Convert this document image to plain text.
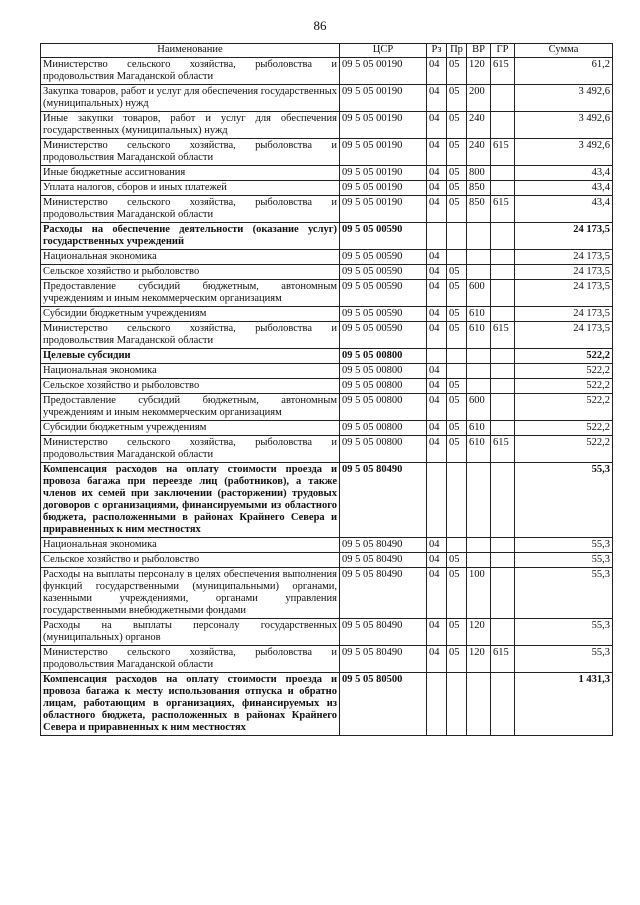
86
Наименование	ЦСР	Рз	Пр	ВР	ГР	Сумма
Министерство сельского хозяйства, рыболовства и продовольствия Магаданской области	09 5 05 00190	04	05	120	615	61,2
Закупка товаров, работ и услуг для обеспечения государственных (муниципальных) нужд	09 5 05 00190	04	05	200		3 492,6
Иные закупки товаров, работ и услуг для обеспечения государственных (муниципальных) нужд	09 5 05 00190	04	05	240		3 492,6
Министерство сельского хозяйства, рыболовства и продовольствия Магаданской области	09 5 05 00190	04	05	240	615	3 492,6
Иные бюджетные ассигнования	09 5 05 00190	04	05	800		43,4
Уплата налогов, сборов и иных платежей	09 5 05 00190	04	05	850		43,4
Министерство сельского хозяйства, рыболовства и продовольствия Магаданской области	09 5 05 00190	04	05	850	615	43,4
Расходы на обеспечение деятельности (оказание услуг) государственных учреждений	09 5 05 00590					24 173,5
Национальная экономика	09 5 05 00590	04				24 173,5
Сельское хозяйство и рыболовство	09 5 05 00590	04	05			24 173,5
Предоставление субсидий бюджетным, автономным учреждениям и иным некоммерческим организациям	09 5 05 00590	04	05	600		24 173,5
Субсидии бюджетным учреждениям	09 5 05 00590	04	05	610		24 173,5
Министерство сельского хозяйства, рыболовства и продовольствия Магаданской области	09 5 05 00590	04	05	610	615	24 173,5
Целевые субсидии	09 5 05 00800					522,2
Национальная экономика	09 5 05 00800	04				522,2
Сельское хозяйство и рыболовство	09 5 05 00800	04	05			522,2
Предоставление субсидий бюджетным, автономным учреждениям и иным некоммерческим организациям	09 5 05 00800	04	05	600		522,2
Субсидии бюджетным учреждениям	09 5 05 00800	04	05	610		522,2
Министерство сельского хозяйства, рыболовства и продовольствия Магаданской области	09 5 05 00800	04	05	610	615	522,2
Компенсация расходов на оплату стоимости проезда и провоза багажа при переезде лиц (работников), а также членов их семей при заключении (расторжении) трудовых договоров с организациями, финансируемыми из областного бюджета, расположенными в районах Крайнего Севера и приравненных к ним местностях	09 5 05 80490					55,3
Национальная экономика	09 5 05 80490	04				55,3
Сельское хозяйство и рыболовство	09 5 05 80490	04	05			55,3
Расходы на выплаты персоналу в целях обеспечения выполнения функций государственными (муниципальными) органами, казенными учреждениями, органами управления государственными внебюджетными фондами	09 5 05 80490	04	05	100		55,3
Расходы на выплаты персоналу государственных (муниципальных) органов	09 5 05 80490	04	05	120		55,3
Министерство сельского хозяйства, рыболовства и продовольствия Магаданской области	09 5 05 80490	04	05	120	615	55,3
Компенсация расходов на оплату стоимости проезда и провоза багажа к месту использования отпуска и обратно лицам, работающим в организациях, финансируемых из областного бюджета, расположенных в районах Крайнего Севера и приравненных к ним местностях	09 5 05 80500					1 431,3
